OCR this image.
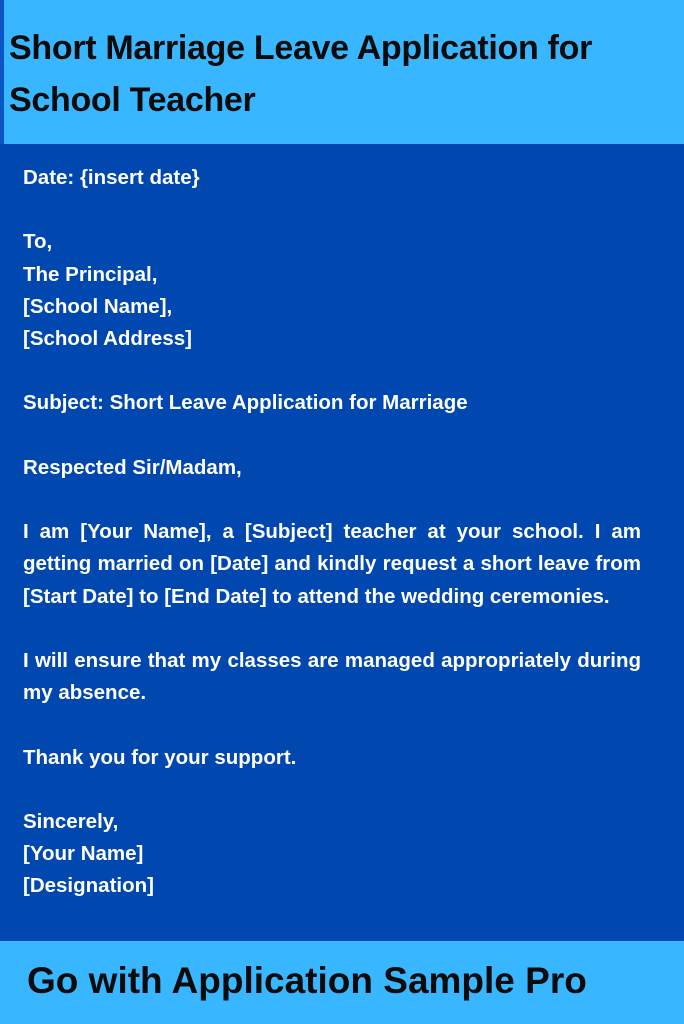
Short Marriage Leave Application for School Teacher
Date: {insert date}
To,
The Principal,
[School Name],
[School Address]
Subject: Short Leave Application for Marriage
Respected Sir/Madam,
I am [Your Name], a [Subject] teacher at your school. I am getting married on [Date] and kindly request a short leave from [Start Date] to [End Date] to attend the wedding ceremonies.
I will ensure that my classes are managed appropriately during my absence.
Thank you for your support.
Sincerely,
[Your Name]
[Designation]

Go with Application Sample Pro
